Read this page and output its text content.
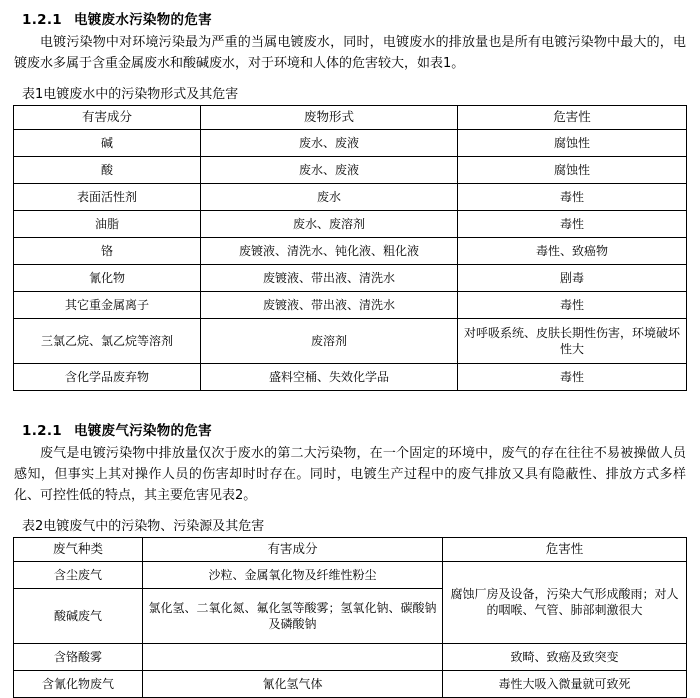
1.2.1 电镀废水污染物的危害

电镀污染物中对环境污染最为严重的当属电镀废水，同时，电镀废水的排放量也是所有电镀污染物中最大的，电镀废水多属于含重金属废水和酸碱废水，对于环境和人体的危害较大，如表1。

表1电镀废水中的污染物形式及其危害
有害成分	废物形式	危害性
碱	废水、废液	腐蚀性
酸	废水、废液	腐蚀性
表面活性剂	废水	毒性
油脂	废水、废溶剂	毒性
铬	废镀液、清洗水、钝化液、粗化液	毒性、致癌物
氰化物	废镀液、带出液、清洗水	剧毒
其它重金属离子	废镀液、带出液、清洗水	毒性
三氯乙烷、氯乙烷等溶剂	废溶剂	对呼吸系统、皮肤长期性伤害，环境破坏性大
含化学品废弃物	盛料空桶、失效化学品	毒性
1.2.1 电镀废气污染物的危害

废气是电镀污染物中排放量仅次于废水的第二大污染物，在一个固定的环境中，废气的存在往往不易被操做人员感知，但事实上其对操作人员的伤害却时时存在。同时，电镀生产过程中的废气排放又具有隐蔽性、排放方式多样化、可控性低的特点，其主要危害见表2。

表2电镀废气中的污染物、污染源及其危害
废气种类	有害成分	危害性
含尘废气	沙粒、金属氧化物及纤维性粉尘	腐蚀厂房及设备，污染大气形成酸雨；对人的咽喉、气管、肺部刺激很大
酸碱废气	氯化氢、二氧化氮、氟化氢等酸雾；氢氧化钠、碳酸钠及磷酸钠	
含铬酸雾		致畸、致癌及致突变
含氰化物废气	氰化氢气体	毒性大吸入微量就可致死
